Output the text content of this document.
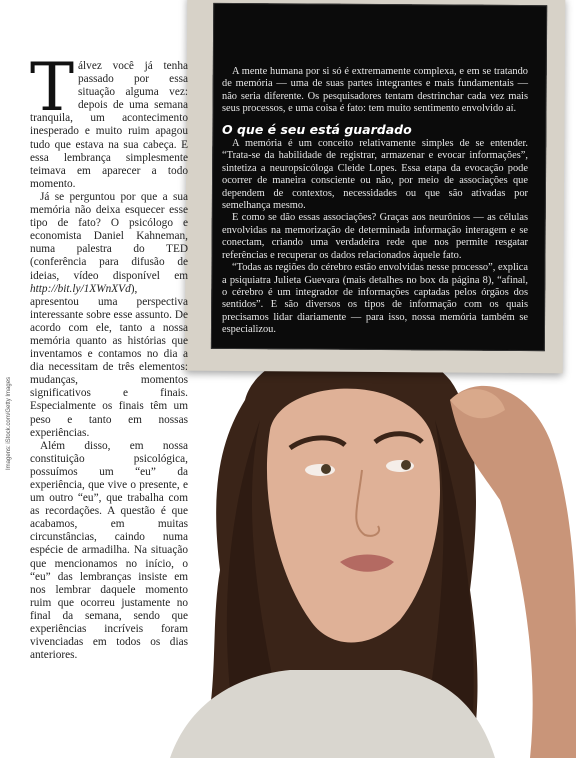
A mente humana por si só é extremamente complexa, e em se tratando de memória — uma de suas partes integrantes e mais fundamentais — não seria diferente. Os pesquisadores tentam destrinchar cada vez mais seus processos, e uma coisa é fato: tem muito sentimento envolvido aí.

O que é seu está guardado

A memória é um conceito relativamente simples de se entender. “Trata-se da habilidade de registrar, armazenar e evocar informações”, sintetiza a neuropsicóloga Cleide Lopes. Essa etapa da evocação pode ocorrer de maneira consciente ou não, por meio de associações que dependem de contextos, necessidades ou que são ativadas por semelhança mesmo.

E como se dão essas associações? Graças aos neurônios — as células envolvidas na memorização de determinada informação interagem e se conectam, criando uma verdadeira rede que nos permite resgatar referências e recuperar os dados relacionados àquele fato.

“Todas as regiões do cérebro estão envolvidas nesse processo”, explica a psiquiatra Julieta Guevara (mais detalhes no box da página 8), “afinal, o cérebro é um integrador de informações captadas pelos órgãos dos sentidos”. E são diversos os tipos de informação com os quais precisamos lidar diariamente — para isso, nossa memória também se especializou.

Tálvez você já tenha passado por essa situação alguma vez: depois de uma semana tranquila, um acontecimento inesperado e muito ruim apagou tudo que estava na sua cabeça. E essa lembrança simplesmente teimava em aparecer a todo momento.

Já se perguntou por que a sua memória não deixa esquecer esse tipo de fato? O psicólogo e economista Daniel Kahneman, numa palestra do TED (conferência para difusão de ideias, vídeo disponível em http://bit.ly/1XWnXVd), apresentou uma perspectiva interessante sobre esse assunto. De acordo com ele, tanto a nossa memória quanto as histórias que inventamos e contamos no dia a dia necessitam de três elementos: mudanças, momentos significativos e finais. Especialmente os finais têm um peso e tanto em nossas experiências.

Além disso, em nossa constituição psicológica, possuímos um “eu” da experiência, que vive o presente, e um outro “eu”, que trabalha com as recordações. A questão é que acabamos, em muitas circunstâncias, caindo numa espécie de armadilha. Na situação que mencionamos no início, o “eu” das lembranças insiste em nos lembrar daquele momento ruim que ocorreu justamente no final da semana, sendo que experiências incríveis foram vivenciadas em todos os dias anteriores.

Imagens: iStock.com/Getty Images
